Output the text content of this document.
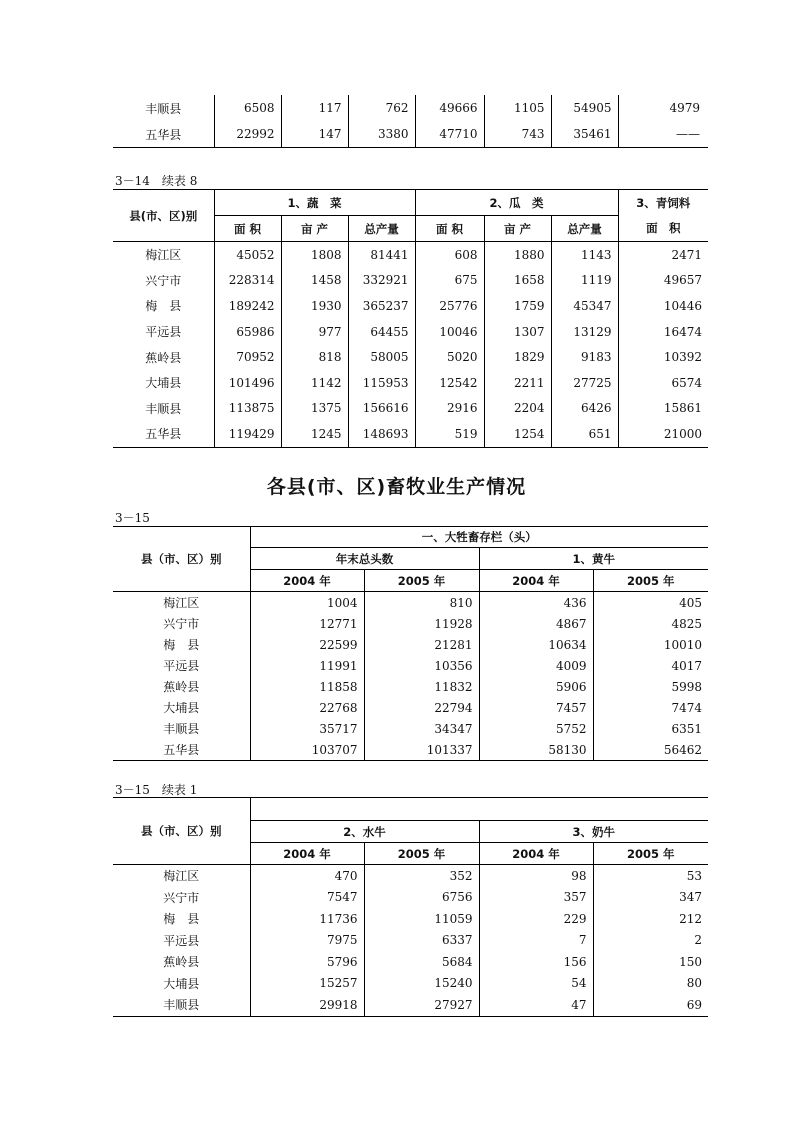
丰顺县	6508	117	762	49666	1105	54905	4979
五华县	22992	147	3380	47710	743	35461	——
3－14　续表 8
县(市、区)别	1、蔬　菜			2、瓜　类			3、青饲料
	面 积	亩 产	总产量	面 积	亩 产	总产量	面　积
梅江区	45052	1808	81441	608	1880	1143	2471
兴宁市	228314	1458	332921	675	1658	1119	49657
梅　县	189242	1930	365237	25776	1759	45347	10446
平远县	65986	977	64455	10046	1307	13129	16474
蕉岭县	70952	818	58005	5020	1829	9183	10392
大埔县	101496	1142	115953	12542	2211	27725	6574
丰顺县	113875	1375	156616	2916	2204	6426	15861
五华县	119429	1245	148693	519	1254	651	21000
各县(市、区)畜牧业生产情况
3－15
县（市、区）别	一、大牲畜存栏（头）			
	年末总头数		1、黄牛	
	2004 年	2005 年	2004 年	2005 年
梅江区	1004	810	436	405
兴宁市	12771	11928	4867	4825
梅　县	22599	21281	10634	10010
平远县	11991	10356	4009	4017
蕉岭县	11858	11832	5906	5998
大埔县	22768	22794	7457	7474
丰顺县	35717	34347	5752	6351
五华县	103707	101337	58130	56462
3－15　续表 1
县（市、区）别				
	2、水牛		3、奶牛	
	2004 年	2005 年	2004 年	2005 年
梅江区	470	352	98	53
兴宁市	7547	6756	357	347
梅　县	11736	11059	229	212
平远县	7975	6337	7	2
蕉岭县	5796	5684	156	150
大埔县	15257	15240	54	80
丰顺县	29918	27927	47	69
